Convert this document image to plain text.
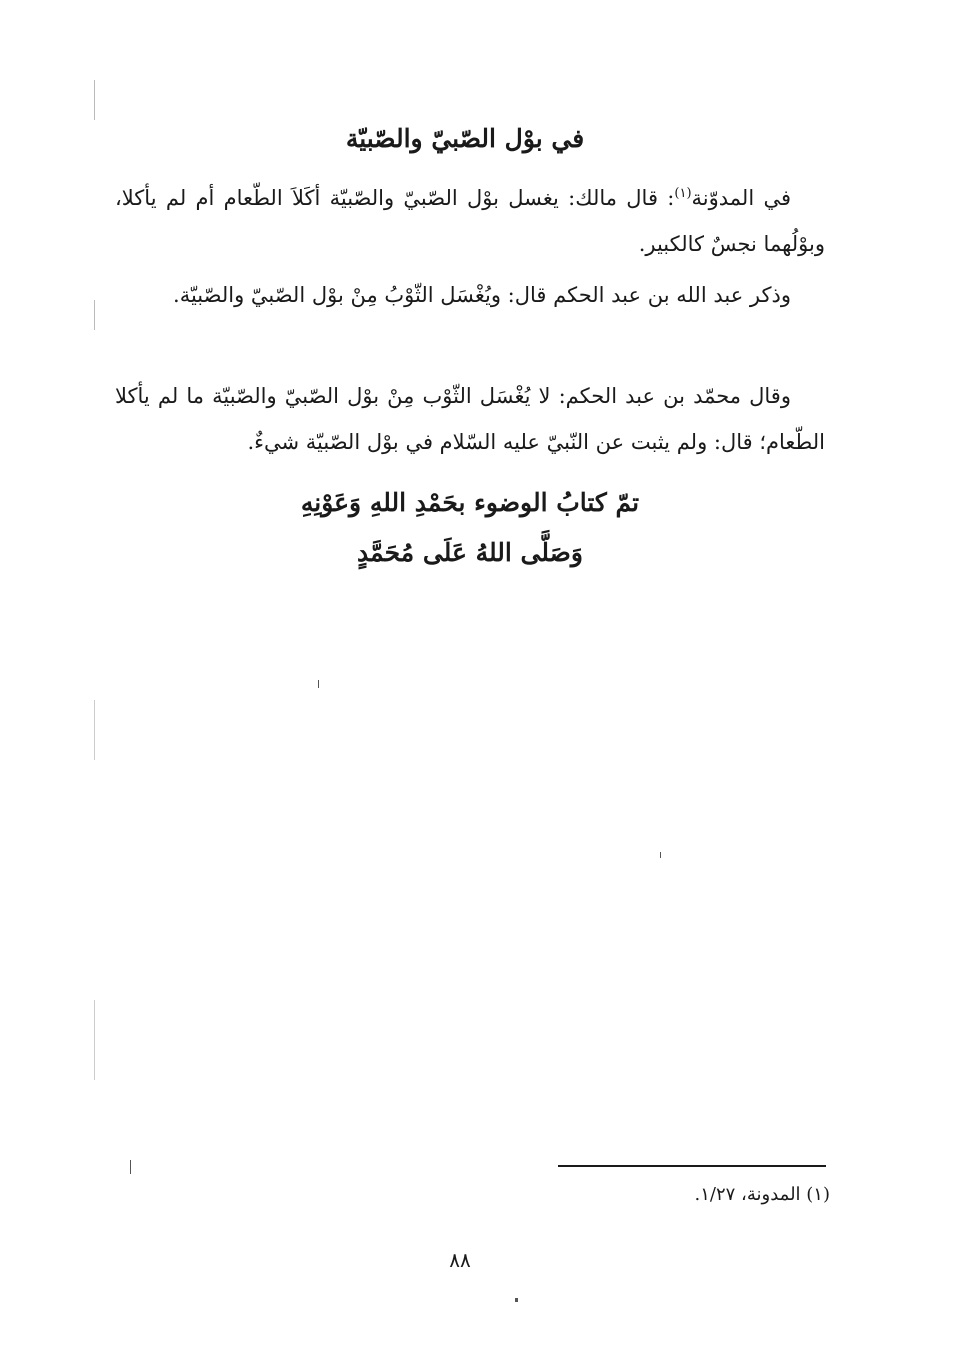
في بوْل الصّبيّ والصّبيّة
في المدوّنة$^{(١)}$: قال مالك: يغسل بوْل الصّبيّ والصّبيّة أكَلاَ الطّعام أم لم يأكلا، وبوْلُهما نجسٌ كالكبير.
وذكر عبد الله بن عبد الحكم قال: ويُغْسَل الثّوْبُ مِنْ بوْل الصّبيّ والصّبيّة.
وقال محمّد بن عبد الحكم: لا يُغْسَل الثّوْب مِنْ بوْل الصّبيّ والصّبيّة ما لم يأكلا الطّعام؛ قال: ولم يثبت عن النّبيّ عليه السّلام في بوْل الصّبيّة شيءٌ.
تمّ كتابُ الوضوء بحَمْدِ اللهِ وَعَوْنِهِ
وَصَلَّى اللهُ عَلَى مُحَمَّدٍ
(١) المدونة، ١/٢٧.
٨٨
